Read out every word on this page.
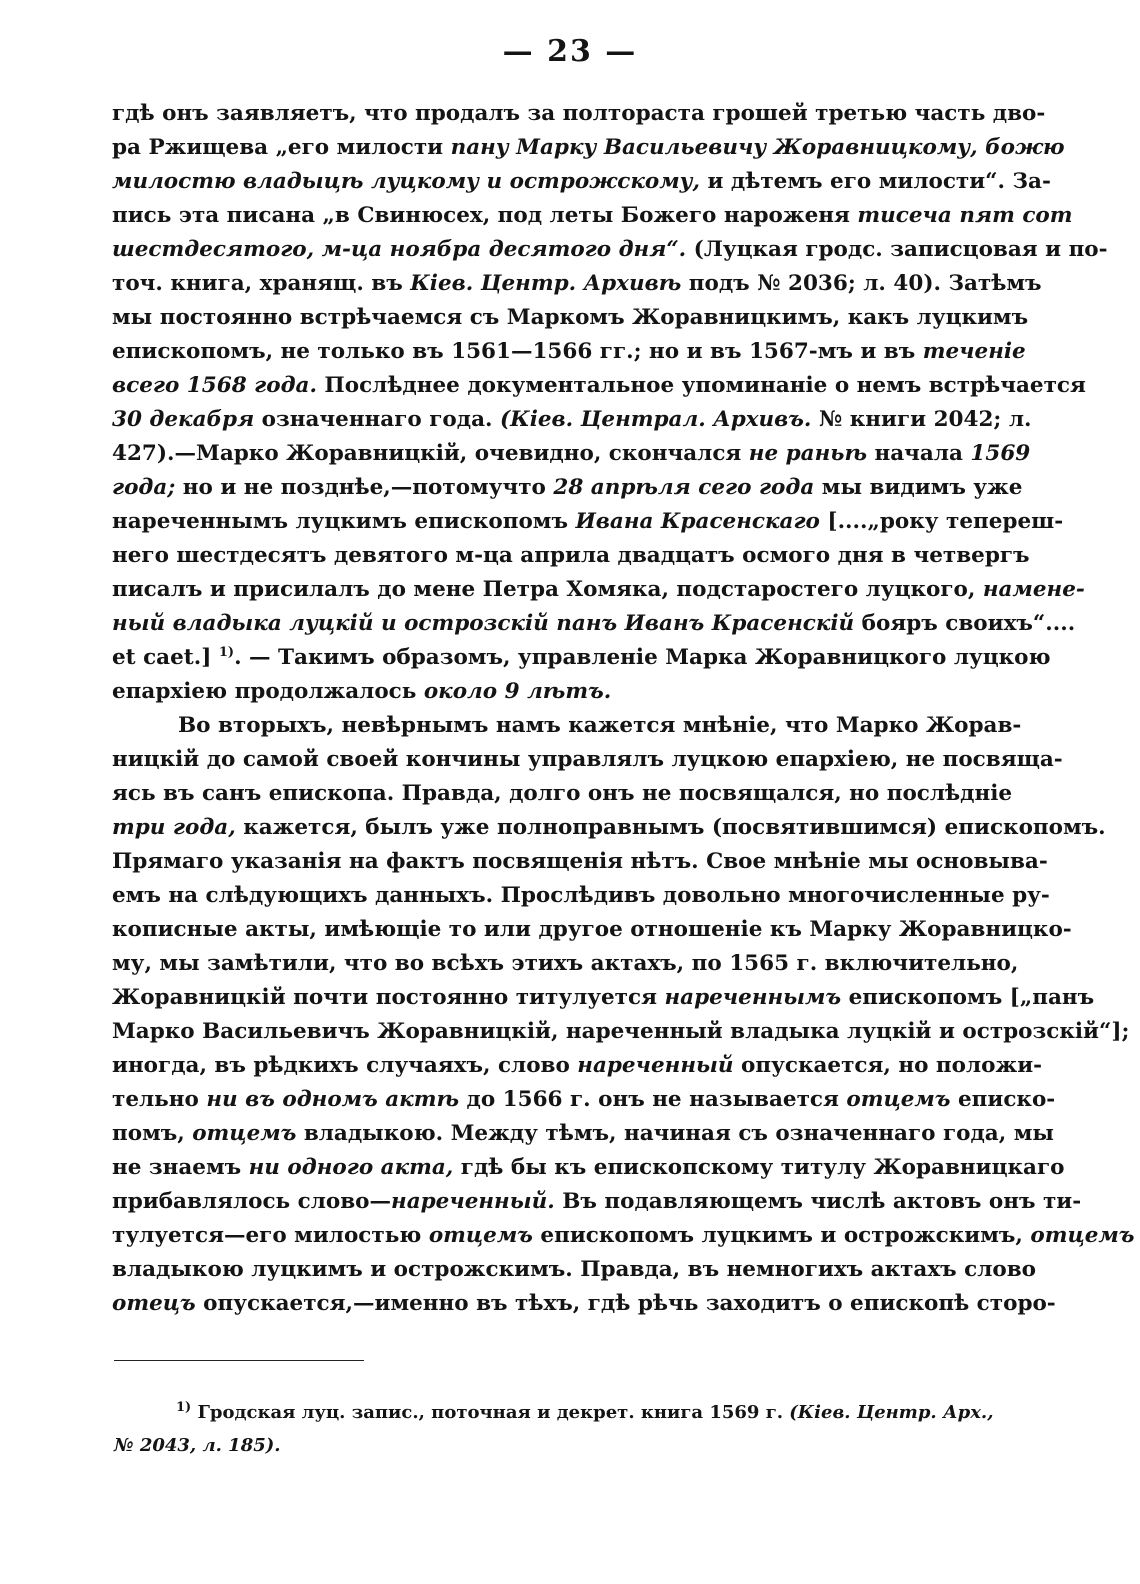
— 23 —
гдѣ онъ заявляетъ, что продалъ за полтораста грошей третью часть дво-
ра Ржищева „его милости пану Марку Васильевичу Жоравницкому, божю
милостю владыцѣ луцкому и острожскому, и дѣтемъ его милости“. За-
пись эта писана „в Свинюсех, под леты Божего нароженя тисеча пят сот
шестдесятого, м-ца ноябра десятого дня“. (Луцкая гродс. записцовая и по-
точ. книга, хранящ. въ Кiев. Центр. Архивѣ подъ № 2036; л. 40). Затѣмъ
мы постоянно встрѣчаемся съ Маркомъ Жоравницкимъ, какъ луцкимъ
епископомъ, не только въ 1561—1566 гг.; но и въ 1567-мъ и въ теченiе
всего 1568 года. Послѣднее документальное упоминанiе о немъ встрѣчается
30 декабря означеннаго года. (Кiев. Централ. Архивъ. № книги 2042; л.
427).—Марко Жоравницкiй, очевидно, скончался не раньѣ начала 1569
года; но и не позднѣе,—потомучто 28 апрѣля сего года мы видимъ уже
нареченнымъ луцкимъ епископомъ Ивана Красенскаго [....„року тепереш-
него шестдесятъ девятого м-ца априла двадцатъ осмого дня в четвергъ
писалъ и присилалъ до мене Петра Хомяка, подстаростего луцкого, намене-
ный владыка луцкiй и острозскiй панъ Иванъ Красенскiй бояръ своихъ“....
et caet.] $^{1)}$. — Такимъ образомъ, управленiе Марка Жоравницкого луцкою
епархiею продолжалось около 9 лѣтъ.
Во вторыхъ, невѣрнымъ намъ кажется мнѣнiе, что Марко Жорав-
ницкiй до самой своей кончины управлялъ луцкою епархiею, не посвяща-
ясь въ санъ епископа. Правда, долго онъ не посвящался, но послѣднiе
три года, кажется, былъ уже полноправнымъ (посвятившимся) епископомъ.
Прямаго указанiя на фактъ посвященiя нѣтъ. Свое мнѣнiе мы основыва-
емъ на слѣдующихъ данныхъ. Прослѣдивъ довольно многочисленные ру-
кописные акты, имѣющiе то или другое отношенiе къ Марку Жоравницко-
му, мы замѣтили, что во всѣхъ этихъ актахъ, по 1565 г. включительно,
Жоравницкiй почти постоянно титулуется нареченнымъ епископомъ [„панъ
Марко Васильевичъ Жоравницкiй, нареченный владыка луцкiй и острозскiй“];
иногда, въ рѣдкихъ случаяхъ, слово нареченный опускается, но положи-
тельно ни въ одномъ актѣ до 1566 г. онъ не называется отцемъ еписко-
помъ, отцемъ владыкою. Между тѣмъ, начиная съ означеннаго года, мы
не знаемъ ни одного акта, гдѣ бы къ епископскому титулу Жоравницкаго
прибавлялось слово—нареченный. Въ подавляющемъ числѣ актовъ онъ ти-
тулуется—его милостью отцемъ епископомъ луцкимъ и острожскимъ, отцемъ
владыкою луцкимъ и острожскимъ. Правда, въ немногихъ актахъ слово
отецъ опускается,—именно въ тѣхъ, гдѣ рѣчь заходитъ о епископѣ сторо-
$^{1)}$ Гродская луц. запис., поточная и декрет. книга 1569 г. (Кiев. Центр. Арх.,
№ 2043, л. 185).
